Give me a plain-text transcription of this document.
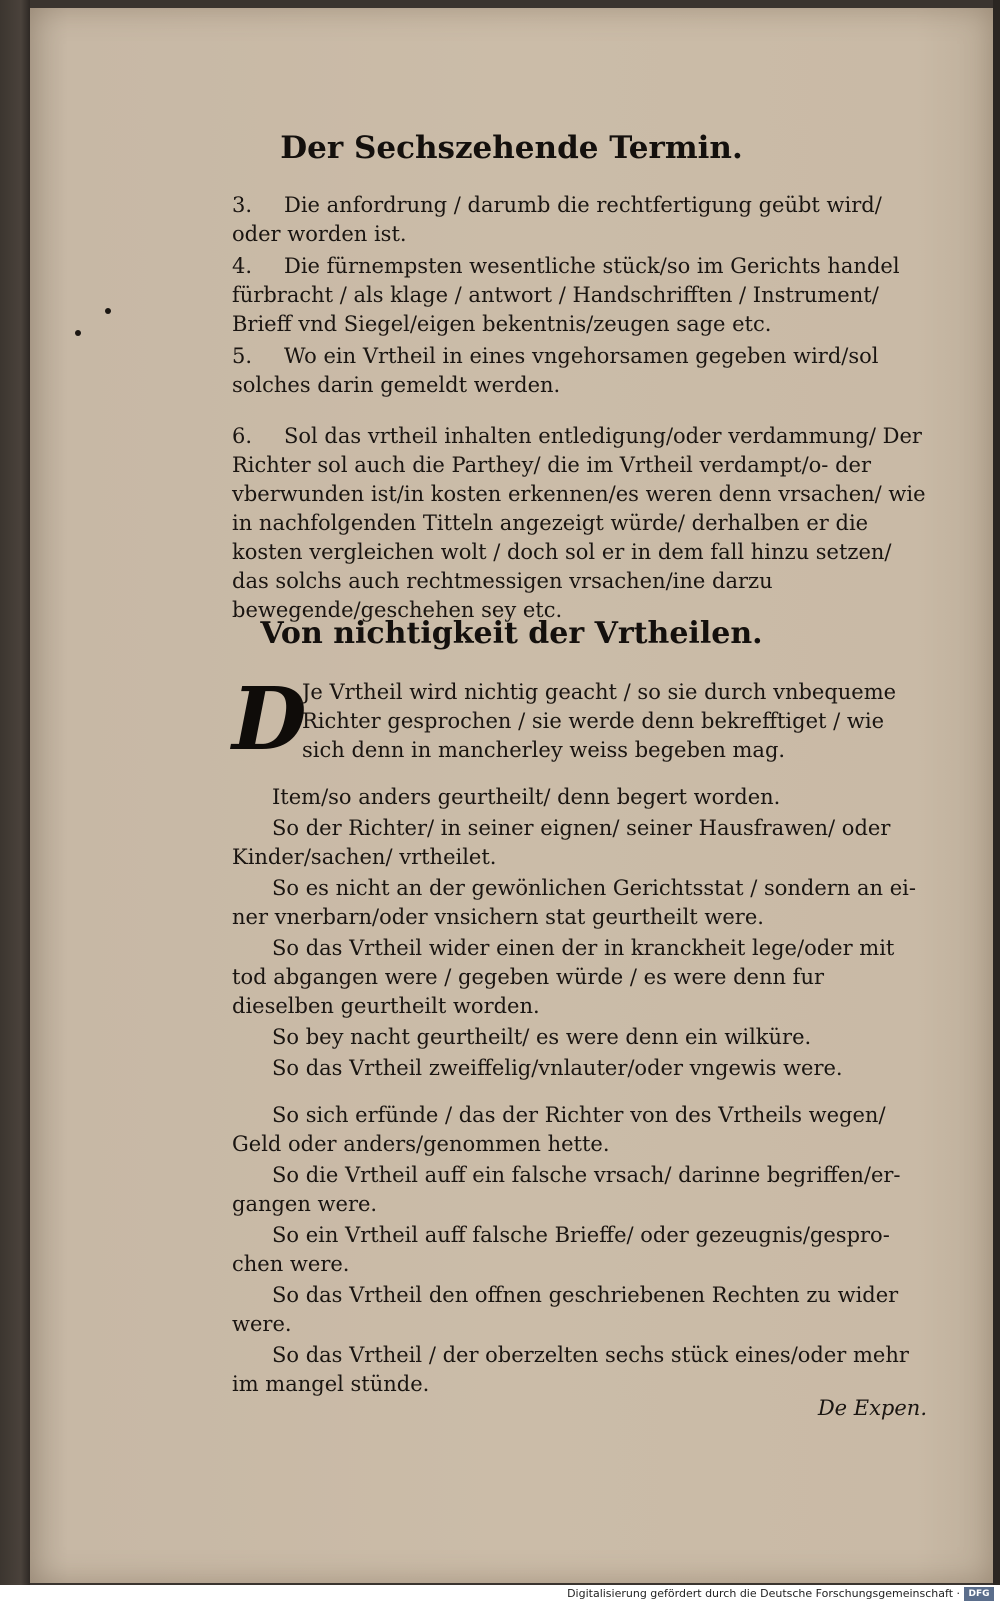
Der Sechszehende Termin.

3. Die anfordrung / darumb die rechtfertigung geübt wird/ oder worden ist.

4. Die fürnempsten wesentliche stück/so im Gerichts handel fürbracht / als klage / antwort / Handschrifften / Instrument/ Brieff vnd Siegel/eigen bekentnis/zeugen sage etc.

5. Wo ein Vrtheil in eines vngehorsamen gegeben wird/sol solches darin gemeldt werden.

6. Sol das vrtheil inhalten entledigung/oder verdammung/ Der Richter sol auch die Parthey/ die im Vrtheil verdampt/o- der vberwunden ist/in kosten erkennen/es weren denn vrsachen/ wie in nachfolgenden Titteln angezeigt würde/ derhalben er die kosten vergleichen wolt / doch sol er in dem fall hinzu setzen/ das solchs auch rechtmessigen vrsachen/ine darzu bewegende/geschehen sey etc.

Von nichtigkeit der Vrtheilen.
D
Je Vrtheil wird nichtig geacht / so sie durch vnbequeme Richter gesprochen / sie werde denn bekrefftiget / wie sich denn in mancherley weiss begeben mag.

Item/so anders geurtheilt/ denn begert worden.

So der Richter/ in seiner eignen/ seiner Hausfrawen/ oder Kinder/sachen/ vrtheilet.

So es nicht an der gewönlichen Gerichtsstat / sondern an ei- ner vnerbarn/oder vnsichern stat geurtheilt were.

So das Vrtheil wider einen der in kranckheit lege/oder mit tod abgangen were / gegeben würde / es were denn fur dieselben geurtheilt worden.

So bey nacht geurtheilt/ es were denn ein wilküre.

So das Vrtheil zweiffelig/vnlauter/oder vngewis were.

So sich erfünde / das der Richter von des Vrtheils wegen/ Geld oder anders/genommen hette.

So die Vrtheil auff ein falsche vrsach/ darinne begriffen/er- gangen were.

So ein Vrtheil auff falsche Brieffe/ oder gezeugnis/gespro- chen were.

So das Vrtheil den offnen geschriebenen Rechten zu wider were.

So das Vrtheil / der oberzelten sechs stück eines/oder mehr im mangel stünde.

De Expen.
Digitalisierung gefördert durch die Deutsche Forschungsgemeinschaft · DFG
